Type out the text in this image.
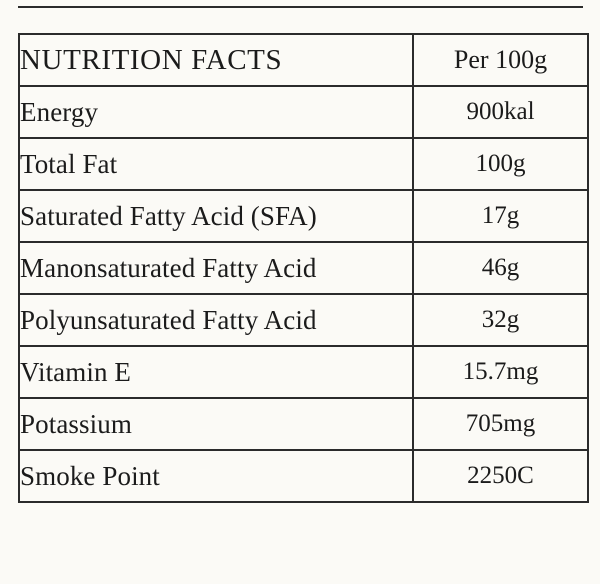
NUTRITION FACTS	Per 100g
Energy	900kal
Total Fat	100g
Saturated Fatty Acid (SFA)	17g
Manonsaturated Fatty Acid	46g
Polyunsaturated Fatty Acid	32g
Vitamin E	15.7mg
Potassium	705mg
Smoke Point	2250C
